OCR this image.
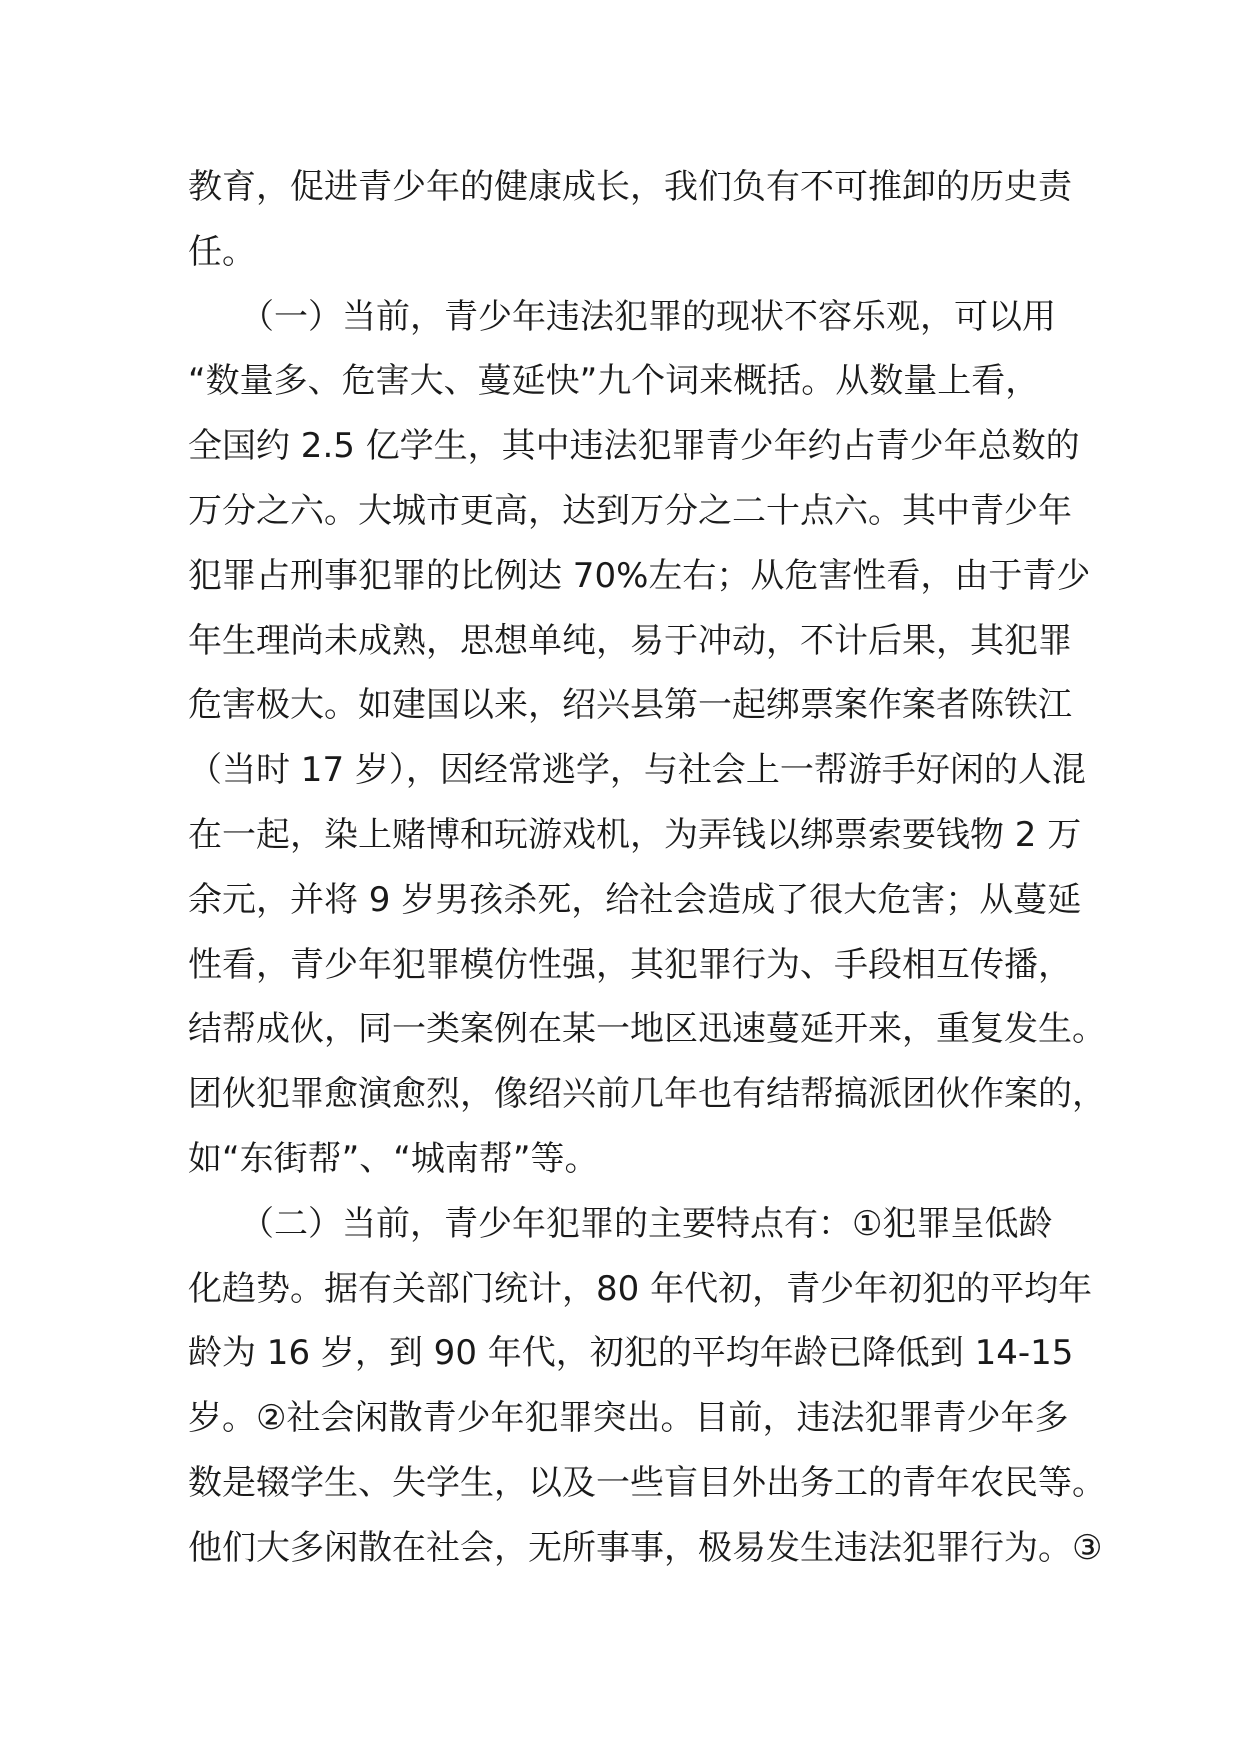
教育，促进青少年的健康成长，我们负有不可推卸的历史责
任。
（一）当前，青少年违法犯罪的现状不容乐观，可以用
“数量多、危害大、蔓延快”九个词来概括。从数量上看，
全国约 2.5 亿学生，其中违法犯罪青少年约占青少年总数的
万分之六。大城市更高，达到万分之二十点六。其中青少年
犯罪占刑事犯罪的比例达 70%左右；从危害性看，由于青少
年生理尚未成熟，思想单纯，易于冲动，不计后果，其犯罪
危害极大。如建国以来，绍兴县第一起绑票案作案者陈铁江
（当时 17 岁），因经常逃学，与社会上一帮游手好闲的人混
在一起，染上赌博和玩游戏机，为弄钱以绑票索要钱物 2 万
余元，并将 9 岁男孩杀死，给社会造成了很大危害；从蔓延
性看，青少年犯罪模仿性强，其犯罪行为、手段相互传播，
结帮成伙，同一类案例在某一地区迅速蔓延开来，重复发生。
团伙犯罪愈演愈烈，像绍兴前几年也有结帮搞派团伙作案的，
如“东街帮”、“城南帮”等。
（二）当前，青少年犯罪的主要特点有：①犯罪呈低龄
化趋势。据有关部门统计，80 年代初，青少年初犯的平均年
龄为 16 岁，到 90 年代，初犯的平均年龄已降低到 14-15
岁。②社会闲散青少年犯罪突出。目前，违法犯罪青少年多
数是辍学生、失学生，以及一些盲目外出务工的青年农民等。
他们大多闲散在社会，无所事事，极易发生违法犯罪行为。③
